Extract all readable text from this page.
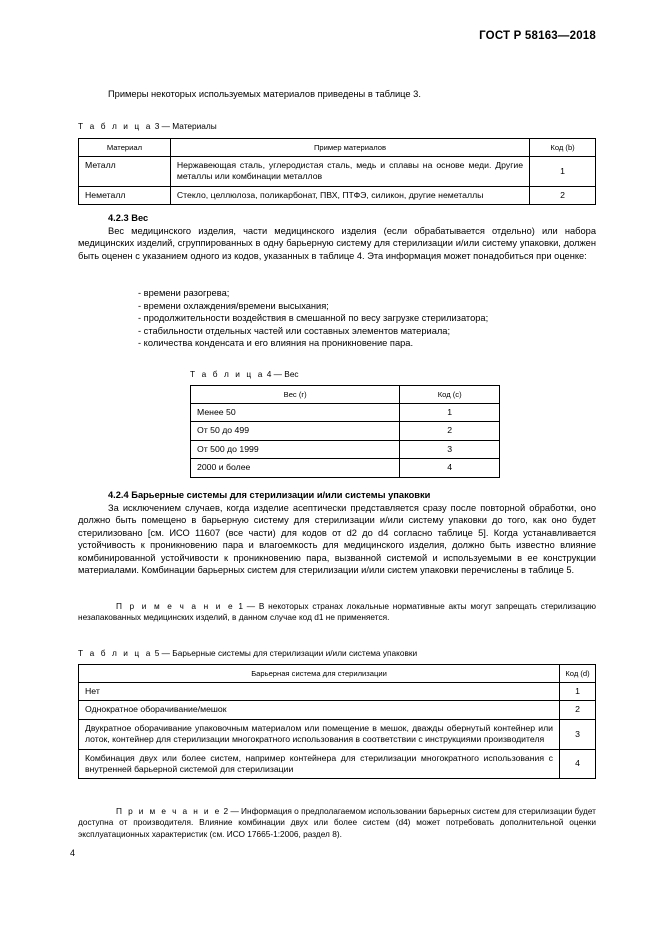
ГОСТ Р 58163—2018

Примеры некоторых используемых материалов приведены в таблице 3.

Т а б л и ц а 3 — Материалы

Материал	Пример материалов	Код (b)
Металл	Нержавеющая сталь, углеродистая сталь, медь и сплавы на основе меди. Другие металлы или комбинации металлов	1
Неметалл	Стекло, целлюлоза, поликарбонат, ПВХ, ПТФЭ, силикон, другие неметаллы	2

4.2.3 Вес

Вес медицинского изделия, части медицинского изделия (если обрабатывается отдельно) или набора медицинских изделий, сгруппированных в одну барьерную систему для стерилизации и/или систему упаковки, должен быть оценен с указанием одного из кодов, указанных в таблице 4. Эта информация может понадобиться при оценке:

- времени разогрева;
- времени охлаждения/времени высыхания;
- продолжительности воздействия в смешанной по весу загрузке стерилизатора;
- стабильности отдельных частей или составных элементов материала;
- количества конденсата и его влияния на проникновение пара.

Т а б л и ц а 4 — Вес

Вес (г)	Код (с)
Менее 50	1
От 50 до 499	2
От 500 до 1999	3
2000 и более	4

4.2.4 Барьерные системы для стерилизации и/или системы упаковки

За исключением случаев, когда изделие асептически представляется сразу после повторной обработки, оно должно быть помещено в барьерную систему для стерилизации и/или систему упаковки до того, как оно будет стерилизовано [см. ИСО 11607 (все части) для кодов от d2 до d4 согласно таблице 5]. Когда устанавливается устойчивость к проникновению пара и влагоемкость для медицинского изделия, должно быть известно влияние комбинированной устойчивости к проникновению пара, вызванной системой и используемыми в ее конструкции материалами. Комбинации барьерных систем для стерилизации и/или систем упаковки перечислены в таблице 5.

П р и м е ч а н и е 1 — В некоторых странах локальные нормативные акты могут запрещать стерилизацию незапакованных медицинских изделий, в данном случае код d1 не применяется.

Т а б л и ц а 5 — Барьерные системы для стерилизации и/или система упаковки

Барьерная система для стерилизации	Код (d)
Нет	1
Однократное оборачивание/мешок	2
Двукратное оборачивание упаковочным материалом или помещение в мешок, дважды обернутый контейнер или лоток, контейнер для стерилизации многократного использования в соответствии с инструкциями производителя	3
Комбинация двух или более систем, например контейнера для стерилизации многократного использования с внутренней барьерной системой для стерилизации	4

П р и м е ч а н и е 2 — Информация о предполагаемом использовании барьерных систем для стерилизации будет доступна от производителя. Влияние комбинации двух или более систем (d4) может потребовать дополнительной оценки эксплуатационных характеристик (см. ИСО 17665-1:2006, раздел 8).

4
